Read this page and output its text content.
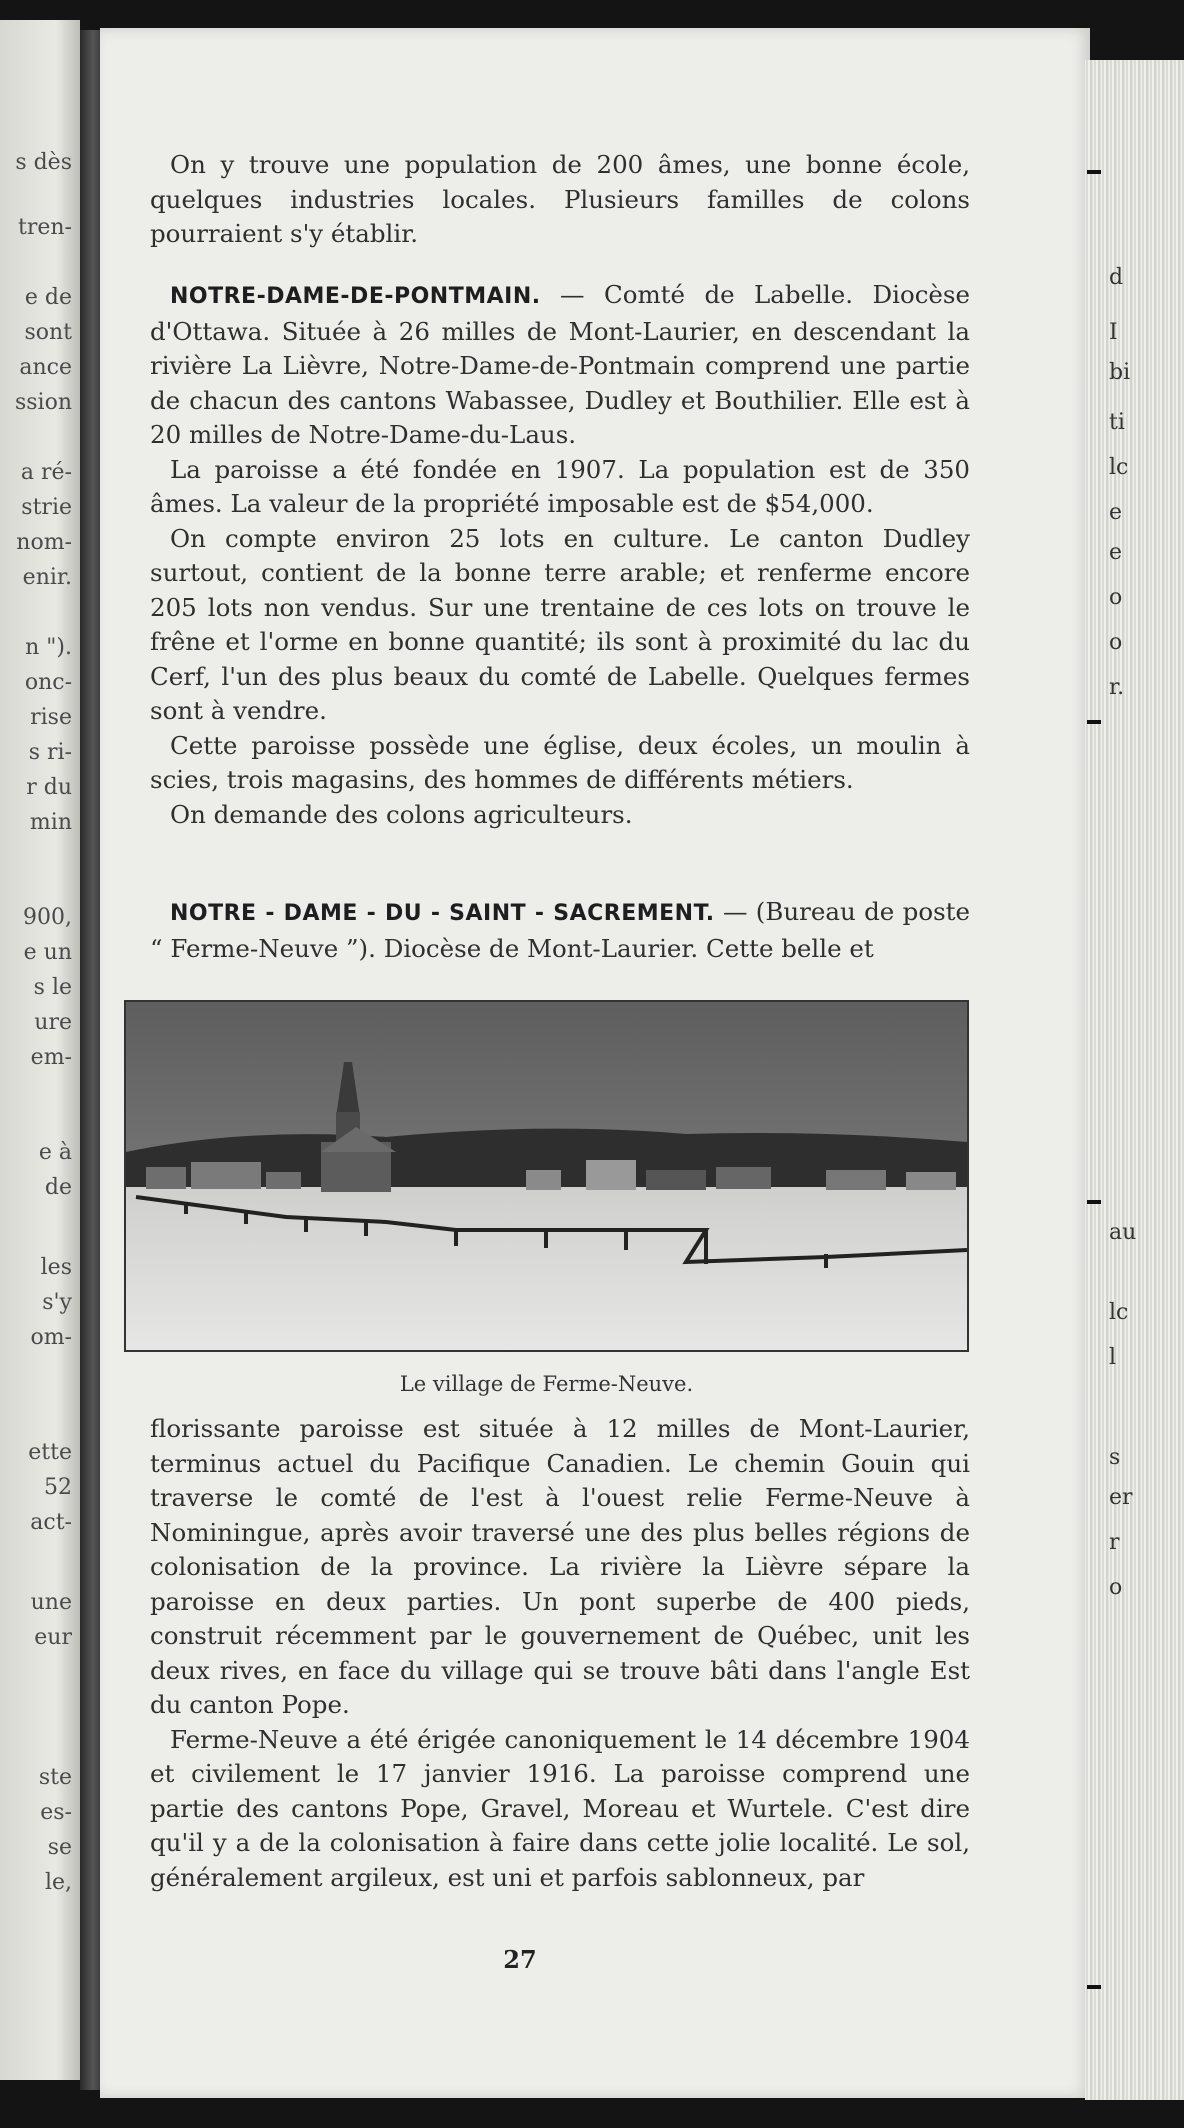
s dès
tren-
e de
sont
ance
ssion
a ré-
strie
nom-
enir.
n ").
onc-
rise
s ri-
r du
min
900,
e un
s le
ure
em-
e à
de
les
s'y
om-
ette
52
act-
une
eur
ste
es-
se
le,
d
I
bi
ti
lc
e
e
o
o
r.
au
lc
l
s
er
r
o

On y trouve une population de 200 âmes, une bonne école, quelques industries locales. Plusieurs familles de colons pourraient s'y établir.

NOTRE-DAME-DE-PONTMAIN. — Comté de Labelle. Diocèse d'Ottawa. Située à 26 milles de Mont-Laurier, en descendant la rivière La Lièvre, Notre-Dame-de-Pontmain comprend une partie de chacun des cantons Wabassee, Dudley et Bouthilier. Elle est à 20 milles de Notre-Dame-du-Laus.

La paroisse a été fondée en 1907. La population est de 350 âmes. La valeur de la propriété imposable est de $54,000.

On compte environ 25 lots en culture. Le canton Dudley surtout, contient de la bonne terre arable; et renferme encore 205 lots non vendus. Sur une trentaine de ces lots on trouve le frêne et l'orme en bonne quantité; ils sont à proximité du lac du Cerf, l'un des plus beaux du comté de Labelle. Quelques fermes sont à vendre.

Cette paroisse possède une église, deux écoles, un moulin à scies, trois magasins, des hommes de différents métiers.

On demande des colons agriculteurs.

NOTRE - DAME - DU - SAINT - SACREMENT. — (Bureau de poste “ Ferme-Neuve ”). Diocèse de Mont-Laurier. Cette belle et

Le village de Ferme-Neuve.

florissante paroisse est située à 12 milles de Mont-Laurier, terminus actuel du Pacifique Canadien. Le chemin Gouin qui traverse le comté de l'est à l'ouest relie Ferme-Neuve à Nominingue, après avoir traversé une des plus belles régions de colonisation de la province. La rivière la Lièvre sépare la paroisse en deux parties. Un pont superbe de 400 pieds, construit récemment par le gouvernement de Québec, unit les deux rives, en face du village qui se trouve bâti dans l'angle Est du canton Pope.

Ferme-Neuve a été érigée canoniquement le 14 décembre 1904 et civilement le 17 janvier 1916. La paroisse comprend une partie des cantons Pope, Gravel, Moreau et Wurtele. C'est dire qu'il y a de la colonisation à faire dans cette jolie localité. Le sol, généralement argileux, est uni et parfois sablonneux, par

27
